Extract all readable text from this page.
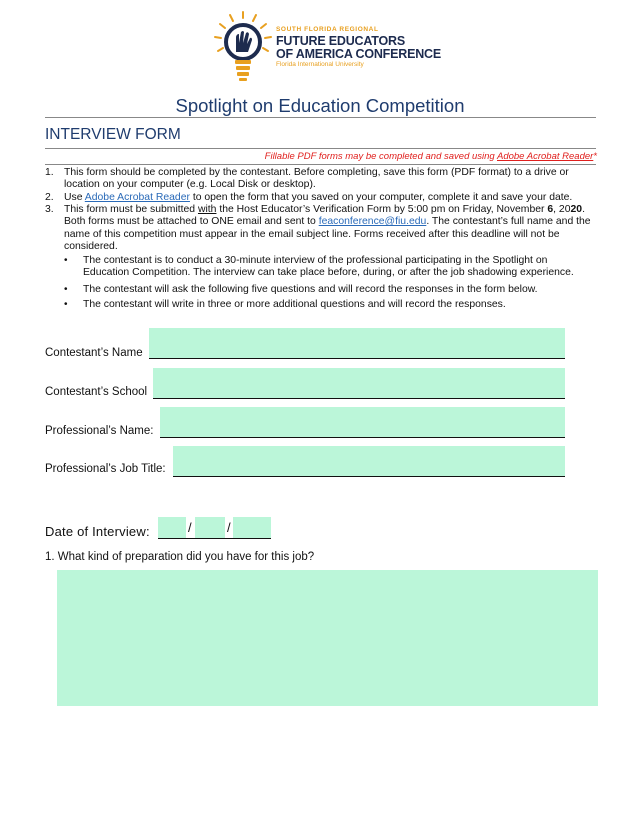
SOUTH FLORIDA REGIONAL
FUTURE EDUCATORS
OF AMERICA CONFERENCE
Florida International University
Spotlight on Education Competition
INTERVIEW FORM
Fillable PDF forms may be completed and saved using Adobe Acrobat Reader*
1. This form should be completed by the contestant. Before completing, save this form (PDF format) to a drive or location on your computer (e.g. Local Disk or desktop).
2. Use Adobe Acrobat Reader to open the form that you saved on your computer, complete it and save your date.
3. This form must be submitted with the Host Educator’s Verification Form by 5:00 pm on Friday, November 6, 2020. Both forms must be attached to ONE email and sent to feaconference@fiu.edu. The contestant’s full name and the name of this competition must appear in the email subject line. Forms received after this deadline will not be considered.
• The contestant is to conduct a 30-minute interview of the professional participating in the Spotlight on Education Competition. The interview can take place before, during, or after the job shadowing experience.
• The contestant will ask the following five questions and will record the responses in the form below.
• The contestant will write in three or more additional questions and will record the responses.
Contestant’s Name
Contestant’s School
Professional’s Name:
Professional’s Job Title:
Date of Interview:	/	/
1. What kind of preparation did you have for this job?
